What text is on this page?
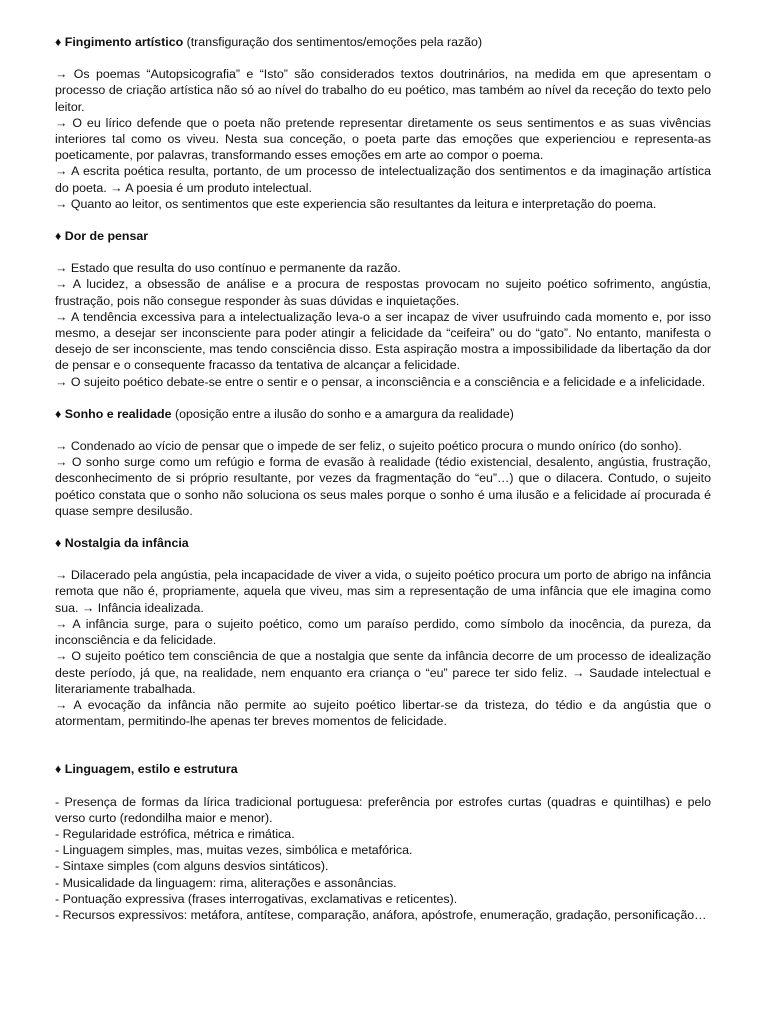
♦ Fingimento artístico (transfiguração dos sentimentos/emoções pela razão)

→ Os poemas “Autopsicografia” e “Isto” são considerados textos doutrinários, na medida em que apresentam o processo de criação artística não só ao nível do trabalho do eu poético, mas também ao nível da receção do texto pelo leitor.

→ O eu lírico defende que o poeta não pretende representar diretamente os seus sentimentos e as suas vivências interiores tal como os viveu. Nesta sua conceção, o poeta parte das emoções que experienciou e representa-as poeticamente, por palavras, transformando esses emoções em arte ao compor o poema.

→ A escrita poética resulta, portanto, de um processo de intelectualização dos sentimentos e da imaginação artística do poeta. → A poesia é um produto intelectual.

→ Quanto ao leitor, os sentimentos que este experiencia são resultantes da leitura e interpretação do poema.

♦ Dor de pensar

→ Estado que resulta do uso contínuo e permanente da razão.

→ A lucidez, a obsessão de análise e a procura de respostas provocam no sujeito poético sofrimento, angústia, frustração, pois não consegue responder às suas dúvidas e inquietações.

→ A tendência excessiva para a intelectualização leva-o a ser incapaz de viver usufruindo cada momento e, por isso mesmo, a desejar ser inconsciente para poder atingir a felicidade da “ceifeira” ou do “gato”. No entanto, manifesta o desejo de ser inconsciente, mas tendo consciência disso. Esta aspiração mostra a impossibilidade da libertação da dor de pensar e o consequente fracasso da tentativa de alcançar a felicidade.

→ O sujeito poético debate-se entre o sentir e o pensar, a inconsciência e a consciência e a felicidade e a infelicidade.

♦ Sonho e realidade (oposição entre a ilusão do sonho e a amargura da realidade)

→ Condenado ao vício de pensar que o impede de ser feliz, o sujeito poético procura o mundo onírico (do sonho).

→ O sonho surge como um refúgio e forma de evasão à realidade (tédio existencial, desalento, angústia, frustração, desconhecimento de si próprio resultante, por vezes da fragmentação do “eu”…) que o dilacera. Contudo, o sujeito poético constata que o sonho não soluciona os seus males porque o sonho é uma ilusão e a felicidade aí procurada é quase sempre desilusão.

♦ Nostalgia da infância

→ Dilacerado pela angústia, pela incapacidade de viver a vida, o sujeito poético procura um porto de abrigo na infância remota que não é, propriamente, aquela que viveu, mas sim a representação de uma infância que ele imagina como sua. → Infância idealizada.

→ A infância surge, para o sujeito poético, como um paraíso perdido, como símbolo da inocência, da pureza, da inconsciência e da felicidade.

→ O sujeito poético tem consciência de que a nostalgia que sente da infância decorre de um processo de idealização deste período, já que, na realidade, nem enquanto era criança o “eu” parece ter sido feliz. → Saudade intelectual e literariamente trabalhada.

→ A evocação da infância não permite ao sujeito poético libertar-se da tristeza, do tédio e da angústia que o atormentam, permitindo-lhe apenas ter breves momentos de felicidade.

♦ Linguagem, estilo e estrutura

- Presença de formas da lírica tradicional portuguesa: preferência por estrofes curtas (quadras e quintilhas) e pelo verso curto (redondilha maior e menor).

- Regularidade estrófica, métrica e rimática.

- Linguagem simples, mas, muitas vezes, simbólica e metafórica.

- Sintaxe simples (com alguns desvios sintáticos).

- Musicalidade da linguagem: rima, aliterações e assonâncias.

- Pontuação expressiva (frases interrogativas, exclamativas e reticentes).

- Recursos expressivos: metáfora, antítese, comparação, anáfora, apóstrofe, enumeração, gradação, personificação…
